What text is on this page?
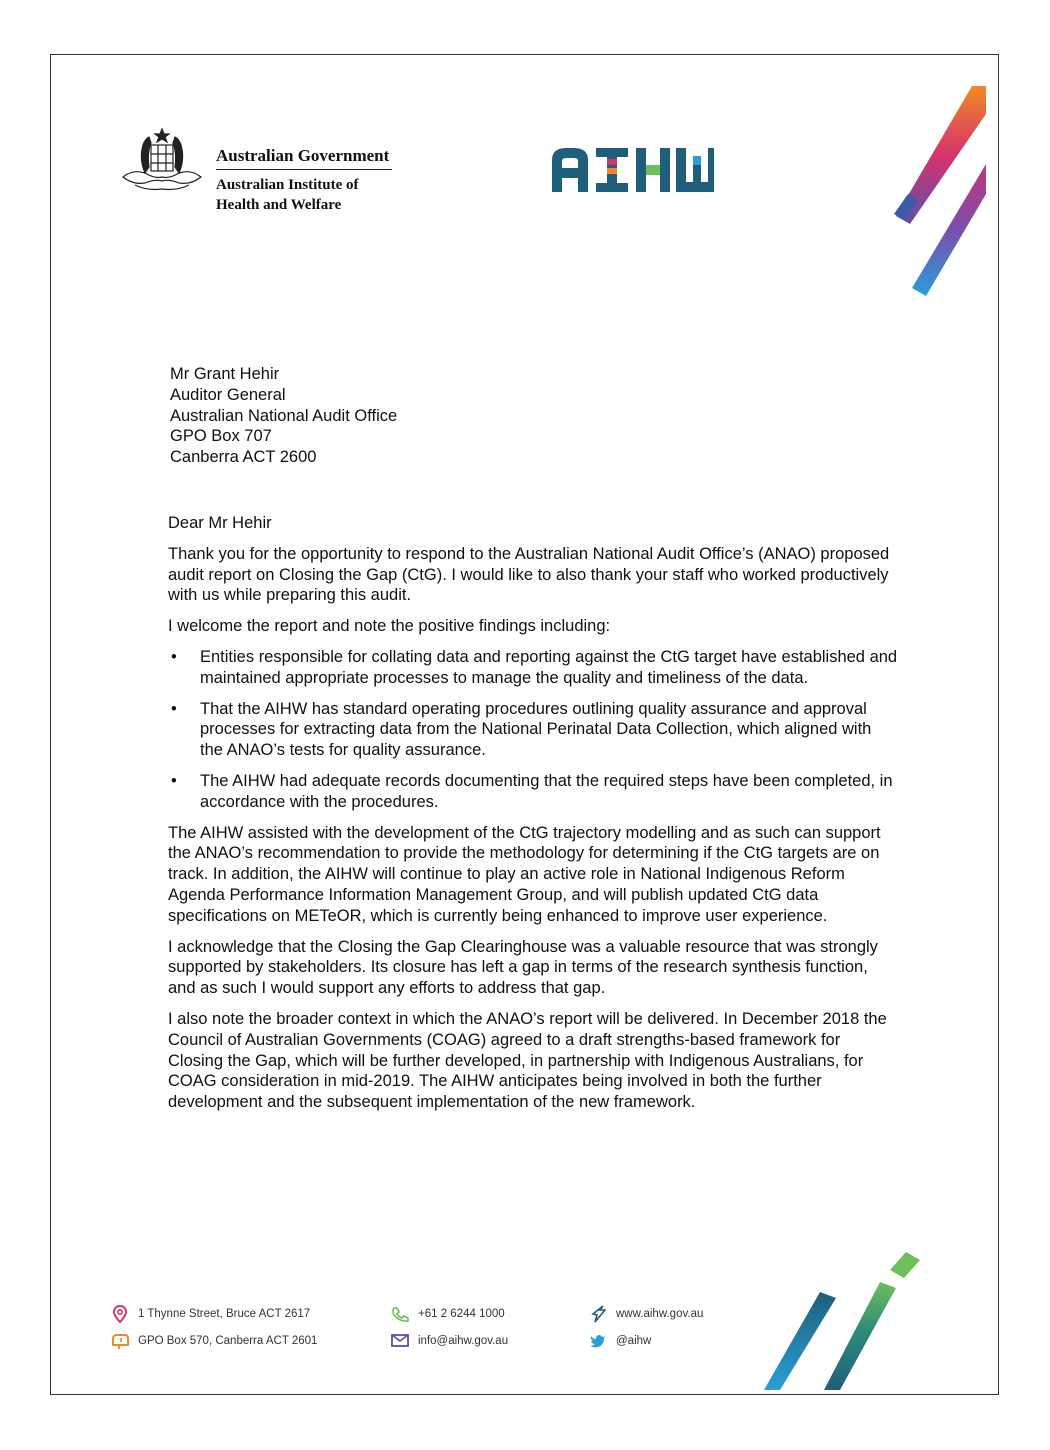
Australian Government
Australian Institute of
Health and Welfare
Mr Grant Hehir
Auditor General
Australian National Audit Office
GPO Box 707
Canberra ACT 2600

Dear Mr Hehir

Thank you for the opportunity to respond to the Australian National Audit Office’s (ANAO) proposed audit report on Closing the Gap (CtG). I would like to also thank your staff who worked productively with us while preparing this audit.

I welcome the report and note the positive findings including:

• Entities responsible for collating data and reporting against the CtG target have established and maintained appropriate processes to manage the quality and timeliness of the data.
• That the AIHW has standard operating procedures outlining quality assurance and approval processes for extracting data from the National Perinatal Data Collection, which aligned with the ANAO’s tests for quality assurance.
• The AIHW had adequate records documenting that the required steps have been completed, in accordance with the procedures.

The AIHW assisted with the development of the CtG trajectory modelling and as such can support the ANAO’s recommendation to provide the methodology for determining if the CtG targets are on track. In addition, the AIHW will continue to play an active role in National Indigenous Reform Agenda Performance Information Management Group, and will publish updated CtG data specifications on METeOR, which is currently being enhanced to improve user experience.

I acknowledge that the Closing the Gap Clearinghouse was a valuable resource that was strongly supported by stakeholders. Its closure has left a gap in terms of the research synthesis function, and as such I would support any efforts to address that gap.

I also note the broader context in which the ANAO’s report will be delivered. In December 2018 the Council of Australian Governments (COAG) agreed to a draft strengths-based framework for Closing the Gap, which will be further developed, in partnership with Indigenous Australians, for COAG consideration in mid-2019. The AIHW anticipates being involved in both the further development and the subsequent implementation of the new framework.

1 Thynne Street, Bruce ACT 2617
GPO Box 570, Canberra ACT 2601
+61 2 6244 1000
info@aihw.gov.au
www.aihw.gov.au
@aihw
